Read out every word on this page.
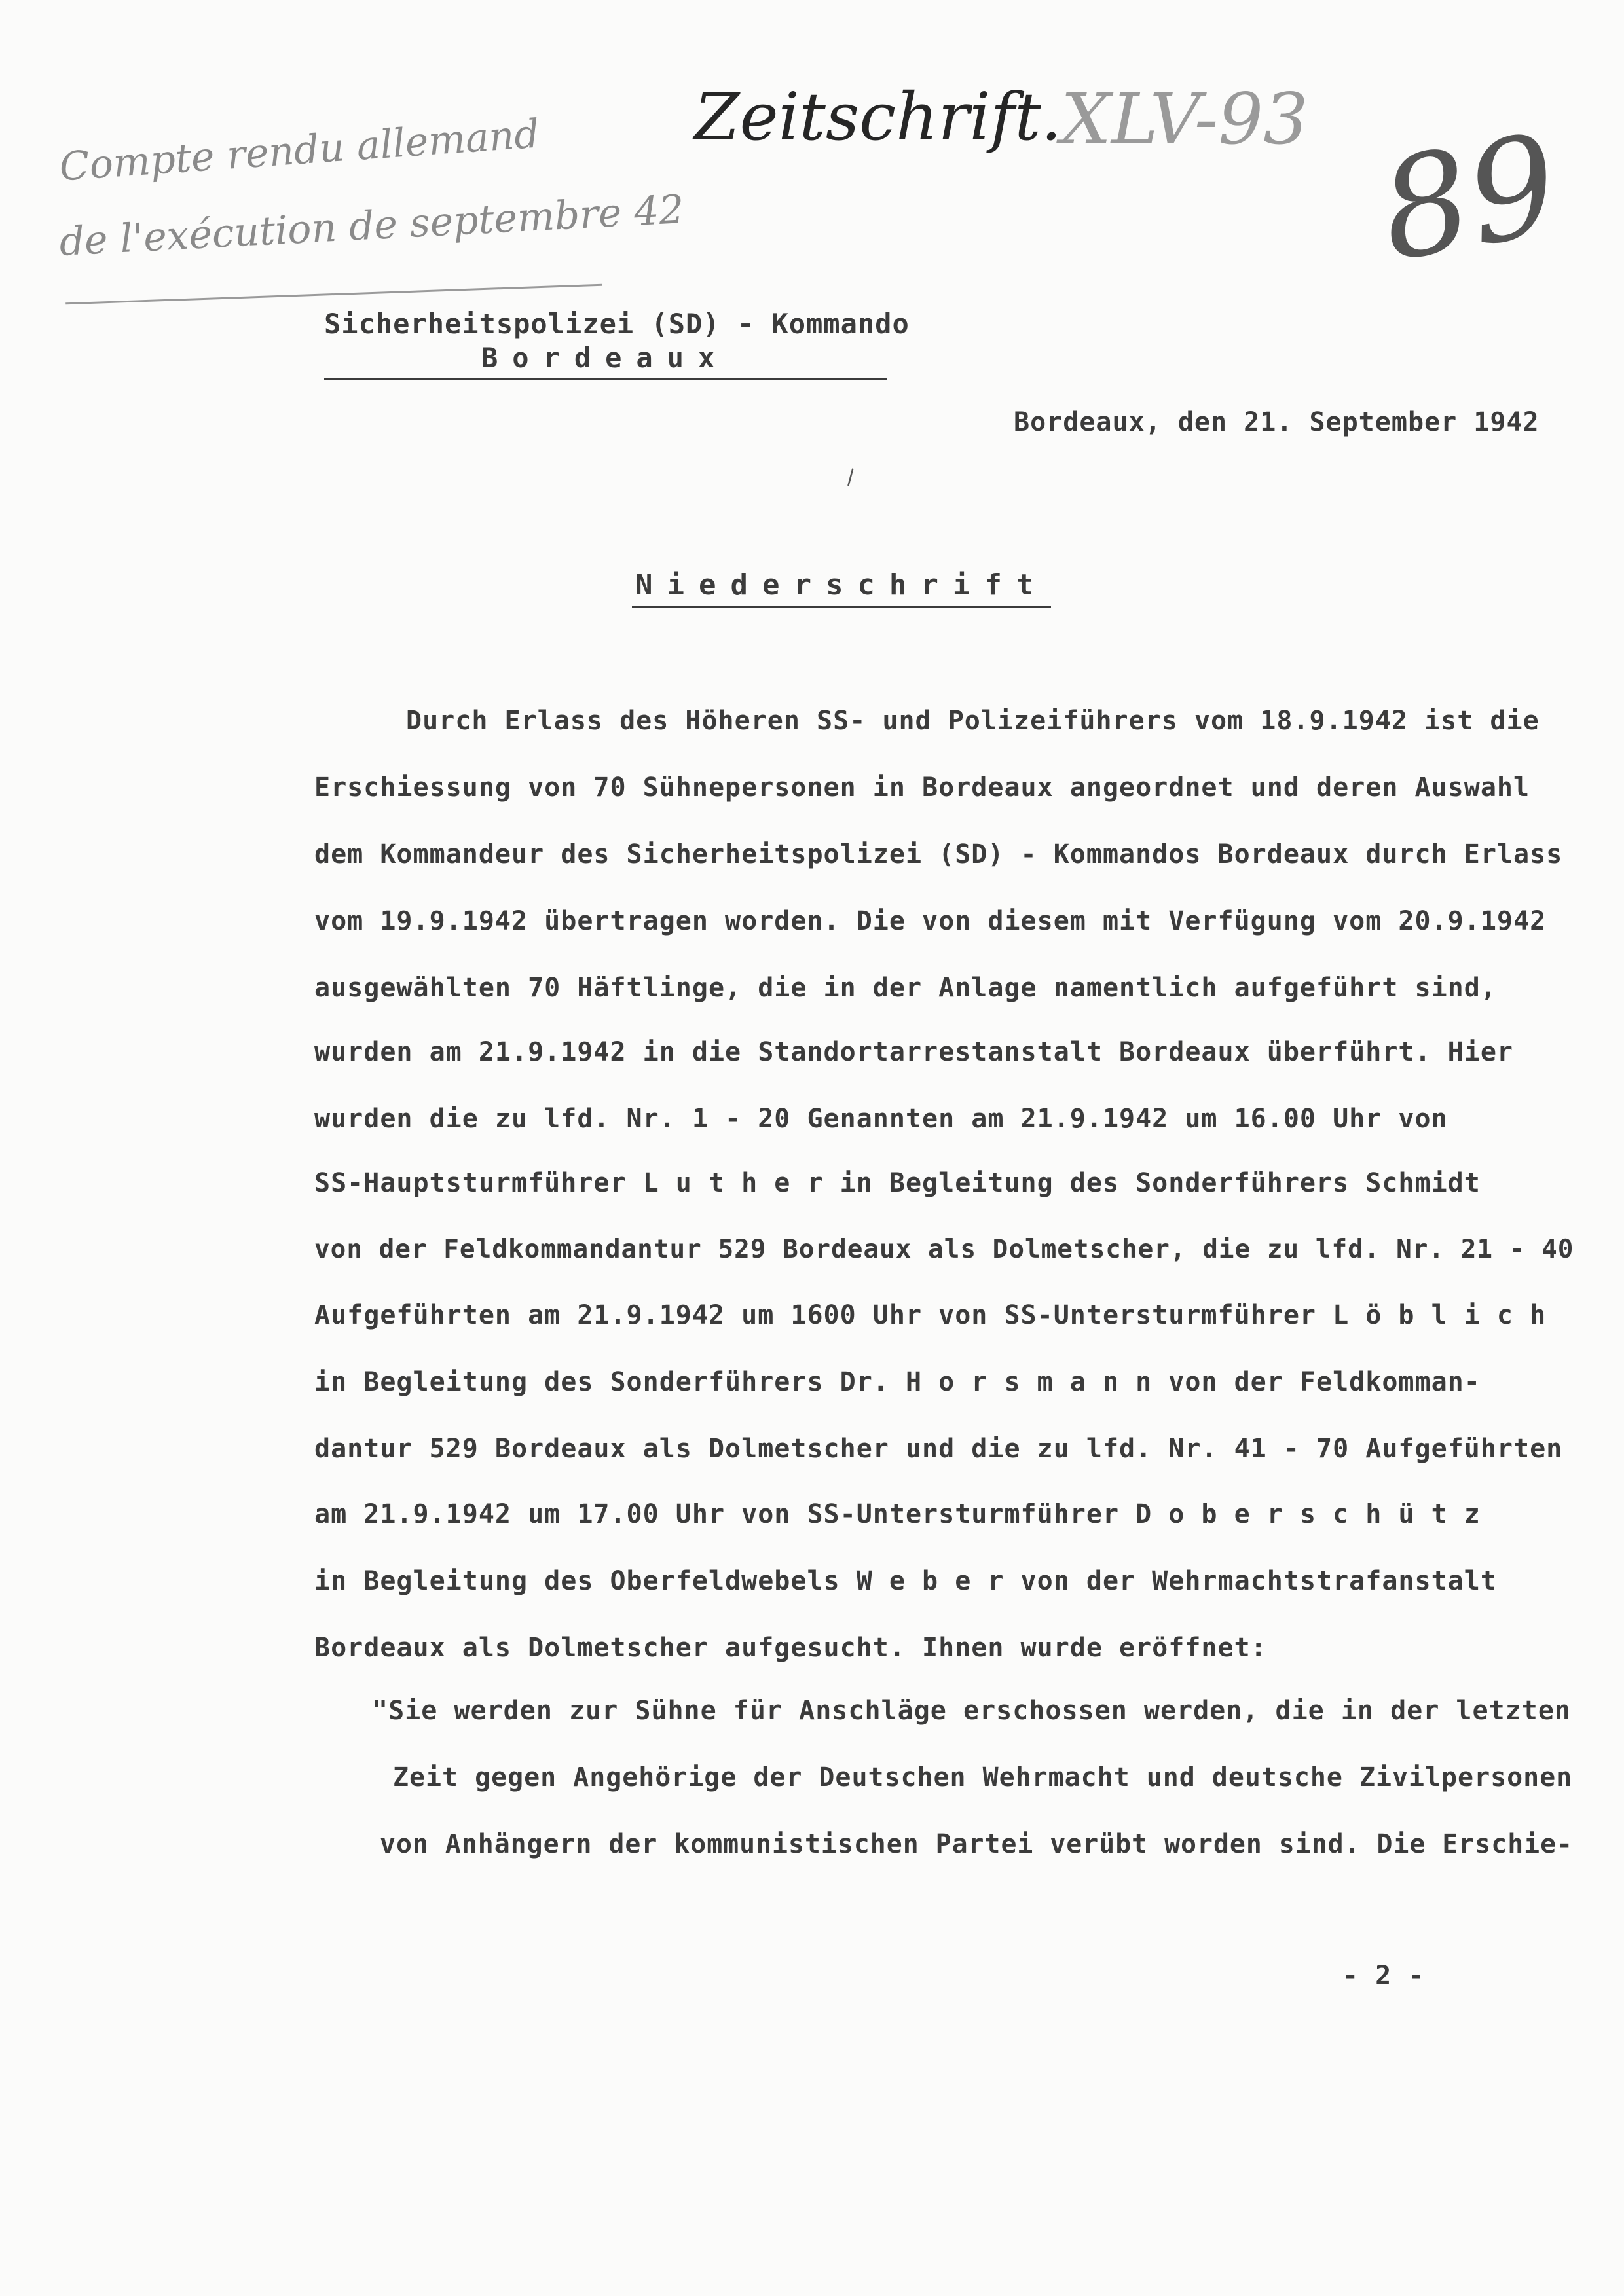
Compte rendu allemand
de l'exécution de septembre 42
Zeitschrift.
XLV-93 89
Sicherheitspolizei (SD) - Kommando
Bordeaux
Bordeaux, den 21. September 1942
\
Niederschrift
Durch Erlass des Höheren SS- und Polizeiführers vom 18.9.1942 ist die
Erschiessung von 70 Sühnepersonen in Bordeaux angeordnet und deren Auswahl
dem Kommandeur des Sicherheitspolizei (SD) - Kommandos Bordeaux durch Erlass
vom 19.9.1942 übertragen worden. Die von diesem mit Verfügung vom 20.9.1942
ausgewählten 70 Häftlinge, die in der Anlage namentlich aufgeführt sind,
wurden am 21.9.1942 in die Standortarrestanstalt Bordeaux überführt. Hier
wurden die zu lfd. Nr. 1 - 20 Genannten am 21.9.1942 um 16.00 Uhr von
SS-Hauptsturmführer L u t h e r in Begleitung des Sonderführers Schmidt
von der Feldkommandantur 529 Bordeaux als Dolmetscher, die zu lfd. Nr. 21 - 40
Aufgeführten am 21.9.1942 um 1600 Uhr von SS-Untersturmführer L ö b l i c h
in Begleitung des Sonderführers Dr. H o r s m a n n von der Feldkomman-
dantur 529 Bordeaux als Dolmetscher und die zu lfd. Nr. 41 - 70 Aufgeführten
am 21.9.1942 um 17.00 Uhr von SS-Untersturmführer D o b e r s c h ü t z
in Begleitung des Oberfeldwebels W e b e r von der Wehrmachtstrafanstalt
Bordeaux als Dolmetscher aufgesucht. Ihnen wurde eröffnet:
"Sie werden zur Sühne für Anschläge erschossen werden, die in der letzten
Zeit gegen Angehörige der Deutschen Wehrmacht und deutsche Zivilpersonen
von Anhängern der kommunistischen Partei verübt worden sind. Die Erschie-
- 2 -
